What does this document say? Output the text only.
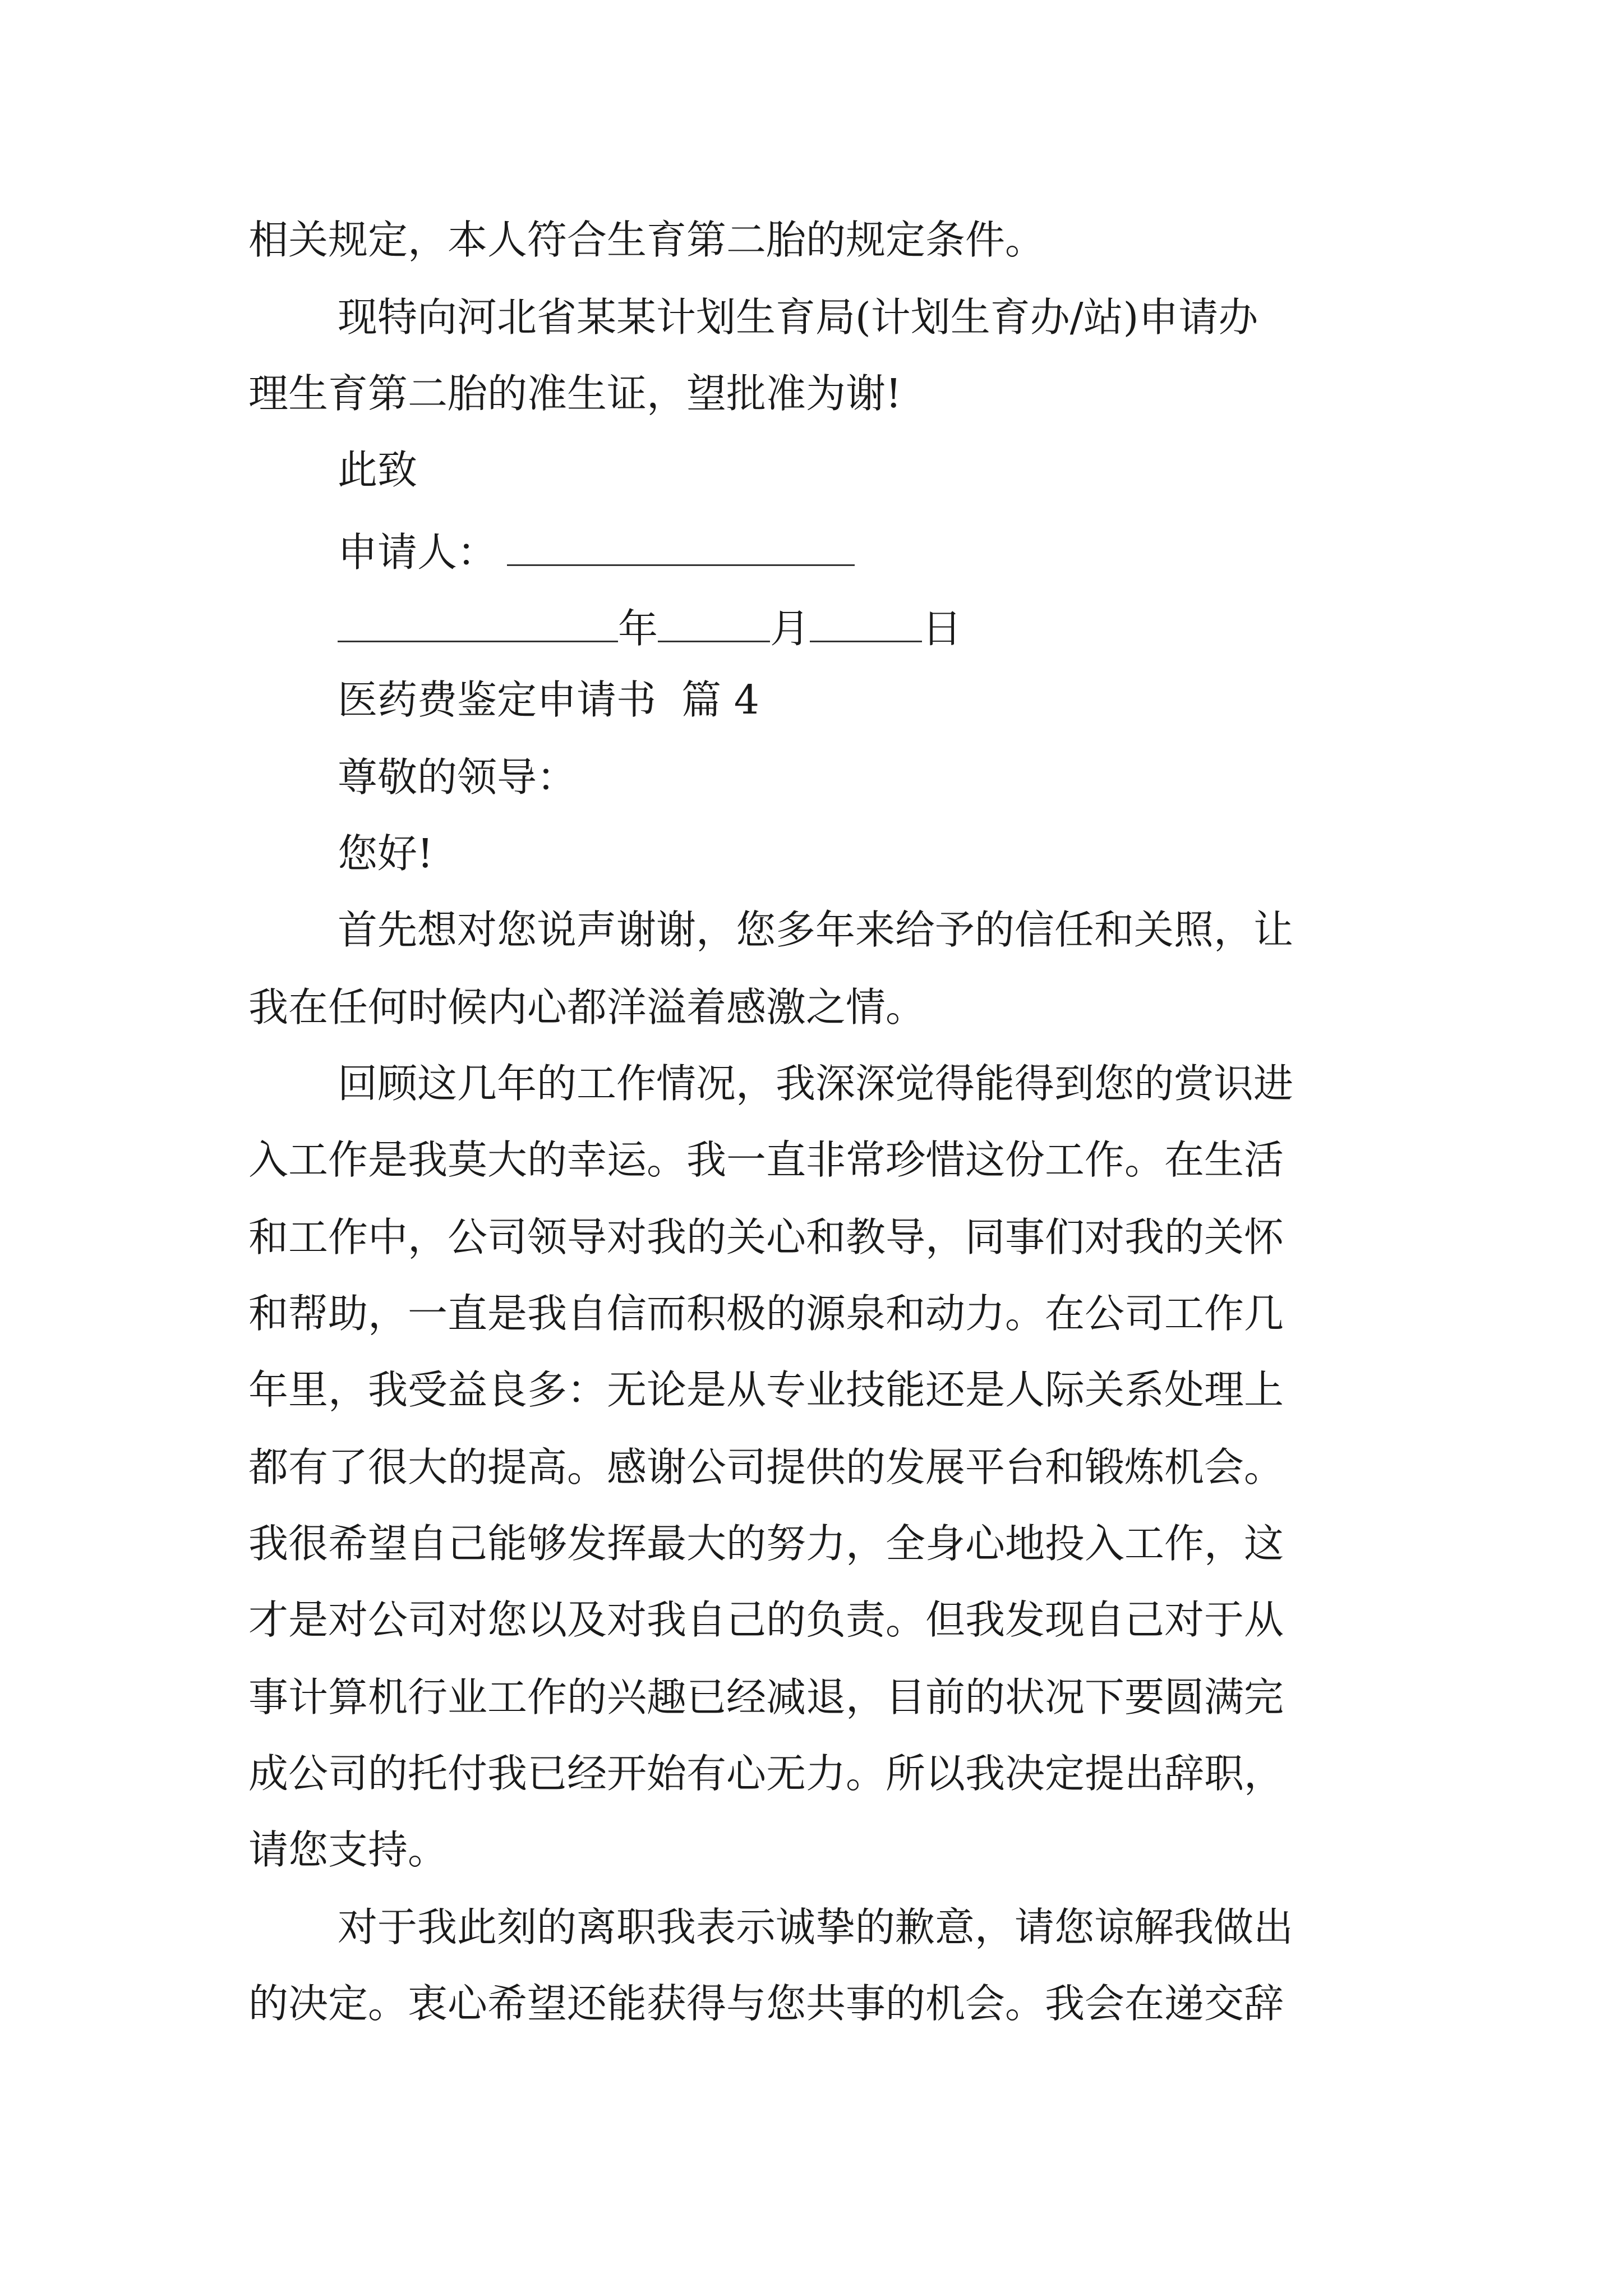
相关规定，本人符合生育第二胎的规定条件。
现特向河北省某某计划生育局(计划生育办/站)申请办
理生育第二胎的准生证，望批准为谢!
此致
申请人：
年	月	日
医药费鉴定申请书  篇 4
尊敬的领导：
您好!
首先想对您说声谢谢，您多年来给予的信任和关照，让
我在任何时候内心都洋溢着感激之情。
回顾这几年的工作情况，我深深觉得能得到您的赏识进
入工作是我莫大的幸运。我一直非常珍惜这份工作。在生活
和工作中，公司领导对我的关心和教导，同事们对我的关怀
和帮助，一直是我自信而积极的源泉和动力。在公司工作几
年里，我受益良多：无论是从专业技能还是人际关系处理上
都有了很大的提高。感谢公司提供的发展平台和锻炼机会。
我很希望自己能够发挥最大的努力，全身心地投入工作，这
才是对公司对您以及对我自己的负责。但我发现自己对于从
事计算机行业工作的兴趣已经减退，目前的状况下要圆满完
成公司的托付我已经开始有心无力。所以我决定提出辞职，
请您支持。
对于我此刻的离职我表示诚挚的歉意，请您谅解我做出
的决定。衷心希望还能获得与您共事的机会。我会在递交辞
